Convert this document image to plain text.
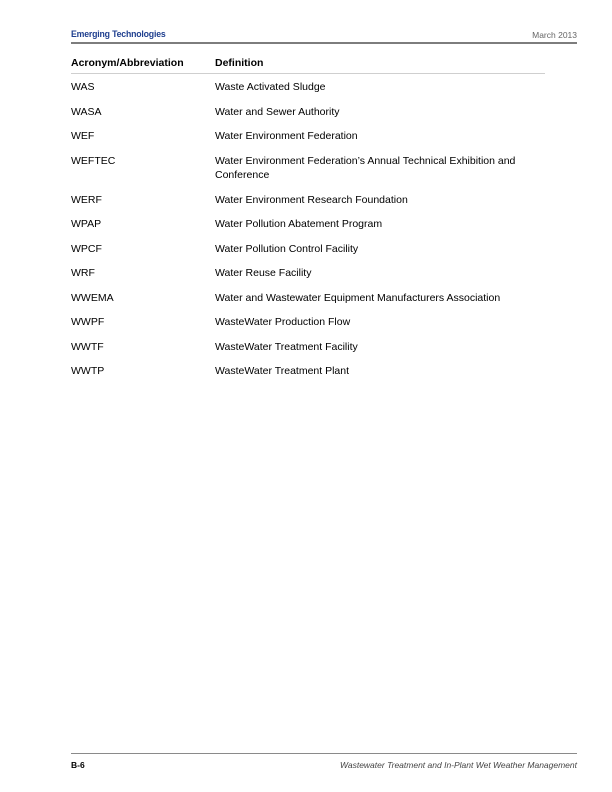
Emerging Technologies	March 2013
Acronym/Abbreviation	Definition
WAS	Waste Activated Sludge
WASA	Water and Sewer Authority
WEF	Water Environment Federation
WEFTEC	Water Environment Federation’s Annual Technical Exhibition and Conference
WERF	Water Environment Research Foundation
WPAP	Water Pollution Abatement Program
WPCF	Water Pollution Control Facility
WRF	Water Reuse Facility
WWEMA	Water and Wastewater Equipment Manufacturers Association
WWPF	WasteWater Production Flow
WWTF	WasteWater Treatment Facility
WWTP	WasteWater Treatment Plant
B-6	Wastewater Treatment and In-Plant Wet Weather Management
